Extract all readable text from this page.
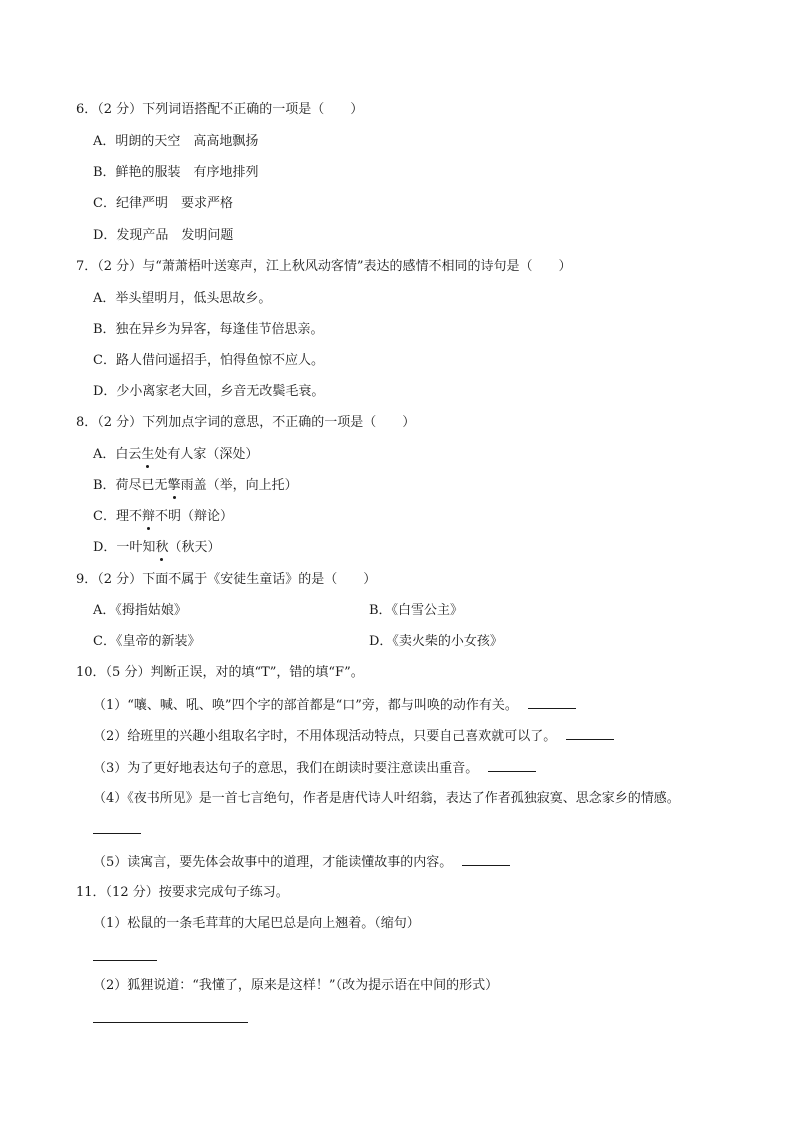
6．（2 分）下列词语搭配不正确的一项是（　　）
A．明朗的天空　高高地飘扬
B．鲜艳的服装　有序地排列
C．纪律严明　要求严格
D．发现产品　发明问题
7．（2 分）与“萧萧梧叶送寒声，江上秋风动客情”表达的感情不相同的诗句是（　　）
A．举头望明月，低头思故乡。
B．独在异乡为异客，每逢佳节倍思亲。
C．路人借问遥招手，怕得鱼惊不应人。
D．少小离家老大回，乡音无改鬓毛衰。
8．（2 分）下列加点字词的意思，不正确的一项是（　　）
A．白云生处有人家（深处）
B．荷尽已无擎雨盖（举，向上托）
C．理不辩不明（辩论）
D．一叶知秋（秋天）
9．（2 分）下面不属于《安徒生童话》的是（　　）
A．《拇指姑娘》	B．《白雪公主》
C．《皇帝的新装》	D．《卖火柴的小女孩》
10．（5 分）判断正误，对的填“T”，错的填“F”。
（1）“嚷、喊、吼、唤”四个字的部首都是“口”旁，都与叫唤的动作有关。
（2）给班里的兴趣小组取名字时，不用体现活动特点，只要自己喜欢就可以了。
（3）为了更好地表达句子的意思，我们在朗读时要注意读出重音。
（4）《夜书所见》是一首七言绝句，作者是唐代诗人叶绍翁，表达了作者孤独寂寞、思念家乡的情感。
（5）读寓言，要先体会故事中的道理，才能读懂故事的内容。
11．（12 分）按要求完成句子练习。
（1）松鼠的一条毛茸茸的大尾巴总是向上翘着。（缩句）
（2）狐狸说道：“我懂了，原来是这样！”（改为提示语在中间的形式）
